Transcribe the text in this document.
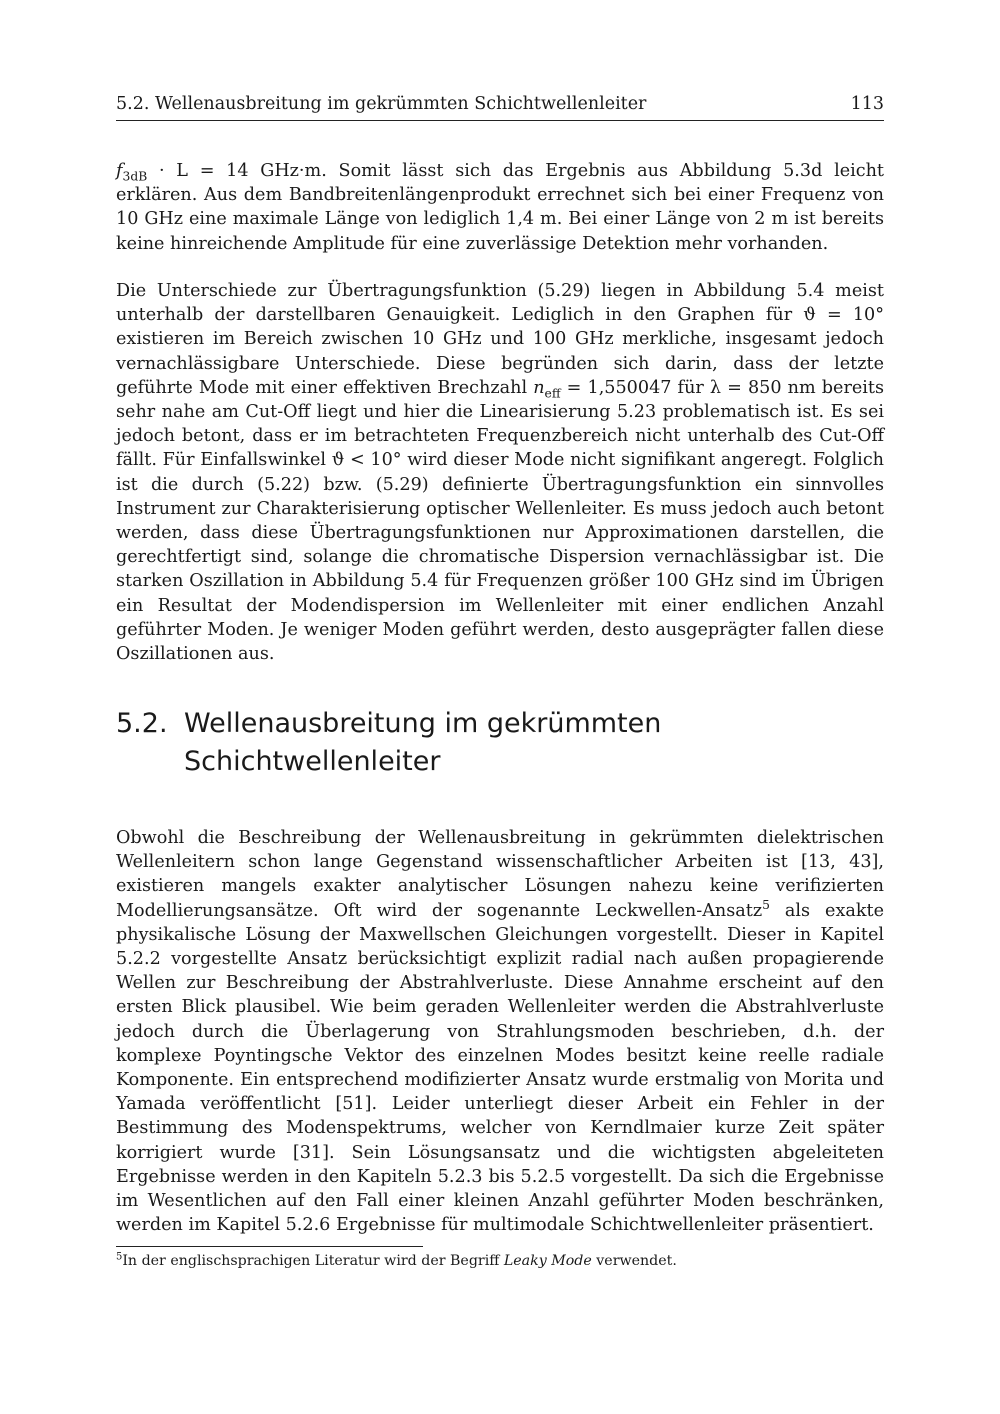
5.2. Wellenausbreitung im gekrümmten Schichtwellenleiter	113

$f_{3dB} \cdot L = 14$ GHz·m. Somit lässt sich das Ergebnis aus Abbildung 5.3d leicht erklären. Aus dem Bandbreitenlängenprodukt errechnet sich bei einer Frequenz von 10 GHz eine maximale Länge von lediglich 1,4 m. Bei einer Länge von 2 m ist bereits keine hinreichende Amplitude für eine zuverlässige Detektion mehr vorhanden.

Die Unterschiede zur Übertragungsfunktion (5.29) liegen in Abbildung 5.4 meist unterhalb der darstellbaren Genauigkeit. Lediglich in den Graphen für ϑ = 10° existieren im Bereich zwischen 10 GHz und 100 GHz merkliche, insgesamt jedoch vernachlässigbare Unterschiede. Diese begründen sich darin, dass der letzte geführte Mode mit einer effektiven Brechzahl $n_{eff} = 1,550047$ für λ = 850 nm bereits sehr nahe am Cut-Off liegt und hier die Linearisierung 5.23 problematisch ist. Es sei jedoch betont, dass er im betrachteten Frequenzbereich nicht unterhalb des Cut-Off fällt. Für Einfallswinkel ϑ < 10° wird dieser Mode nicht signifikant angeregt. Folglich ist die durch (5.22) bzw. (5.29) definierte Übertragungsfunktion ein sinnvolles Instrument zur Charakterisierung optischer Wellenleiter. Es muss jedoch auch betont werden, dass diese Übertragungsfunktionen nur Approximationen darstellen, die gerechtfertigt sind, solange die chromatische Dispersion vernachlässigbar ist. Die starken Oszillation in Abbildung 5.4 für Frequenzen größer 100 GHz sind im Übrigen ein Resultat der Modendispersion im Wellenleiter mit einer endlichen Anzahl geführter Moden. Je weniger Moden geführt werden, desto ausgeprägter fallen diese Oszillationen aus.

5.2. Wellenausbreitung im gekrümmten Schichtwellenleiter

Obwohl die Beschreibung der Wellenausbreitung in gekrümmten dielektrischen Wellenleitern schon lange Gegenstand wissenschaftlicher Arbeiten ist [13, 43], existieren mangels exakter analytischer Lösungen nahezu keine verifizierten Modellierungsansätze. Oft wird der sogenannte Leckwellen-Ansatz$^5$ als exakte physikalische Lösung der Maxwellschen Gleichungen vorgestellt. Dieser in Kapitel 5.2.2 vorgestellte Ansatz berücksichtigt explizit radial nach außen propagierende Wellen zur Beschreibung der Abstrahlverluste. Diese Annahme erscheint auf den ersten Blick plausibel. Wie beim geraden Wellenleiter werden die Abstrahlverluste jedoch durch die Überlagerung von Strahlungsmoden beschrieben, d.h. der komplexe Poyntingsche Vektor des einzelnen Modes besitzt keine reelle radiale Komponente. Ein entsprechend modifizierter Ansatz wurde erstmalig von Morita und Yamada veröffentlicht [51]. Leider unterliegt dieser Arbeit ein Fehler in der Bestimmung des Modenspektrums, welcher von Kerndlmaier kurze Zeit später korrigiert wurde [31]. Sein Lösungsansatz und die wichtigsten abgeleiteten Ergebnisse werden in den Kapiteln 5.2.3 bis 5.2.5 vorgestellt. Da sich die Ergebnisse im Wesentlichen auf den Fall einer kleinen Anzahl geführter Moden beschränken, werden im Kapitel 5.2.6 Ergebnisse für multimodale Schichtwellenleiter präsentiert.

$^5$In der englischsprachigen Literatur wird der Begriff Leaky Mode verwendet.
